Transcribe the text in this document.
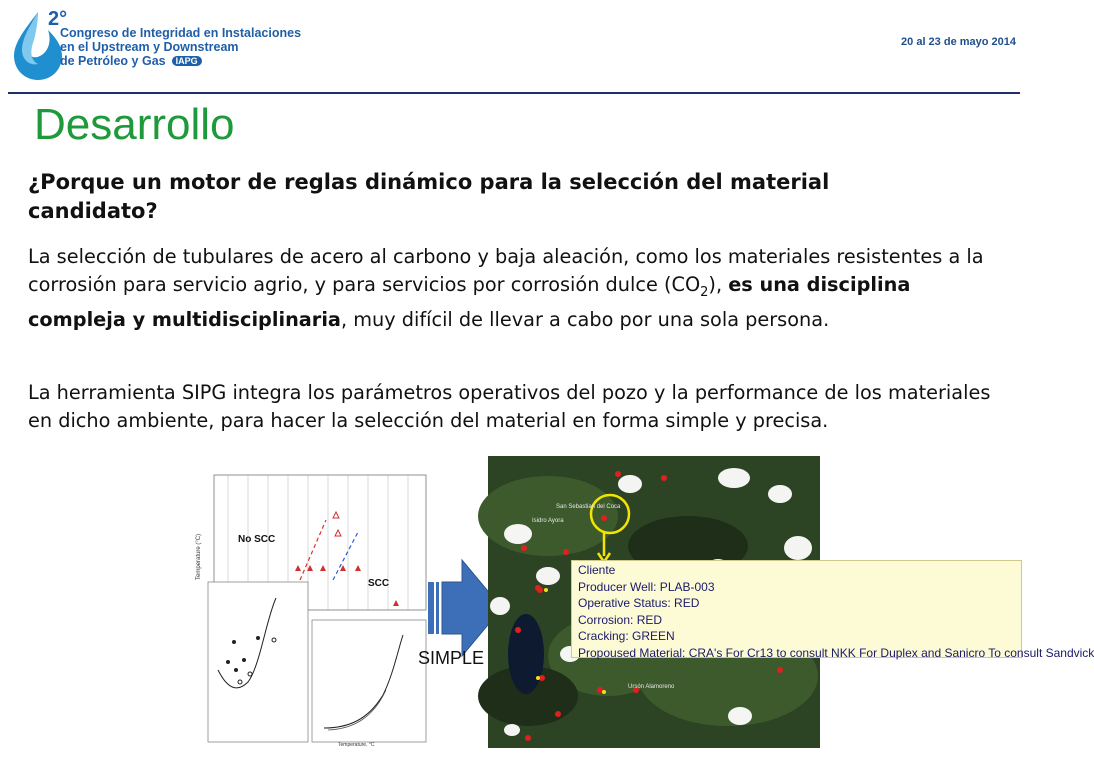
2°
Congreso de Integridad en Instalaciones
en el Upstream y Downstream
de Petróleo y Gas IAPG
20 al 23 de mayo 2014
Desarrollo

¿Porque un motor de reglas dinámico para la selección del material candidato?

La selección de tubulares de acero al carbono y baja aleación, como los materiales resistentes a la corrosión para servicio agrio, y para servicios por corrosión dulce $(CO_2)$, es una disciplina compleja y multidisciplinaria, muy difícil de llevar a cabo por una sola persona.

La herramienta SIPG integra los parámetros operativos del pozo y la performance de los materiales en dicho ambiente, para hacer la selección del material en forma simple y precisa.

No SCC
SCC
Temperature (°C)
Temperature, °C
SIMPLE
San Sebastian del Coca
Isidro Ayora
Ursón Alamoreno
Cliente
Producer Well: PLAB-003
Operative Status: RED
Corrosion: RED
Cracking: GREEN
Propoused Material: CRA's For Cr13 to consult NKK For Duplex and Sanicro To consult Sandvick
